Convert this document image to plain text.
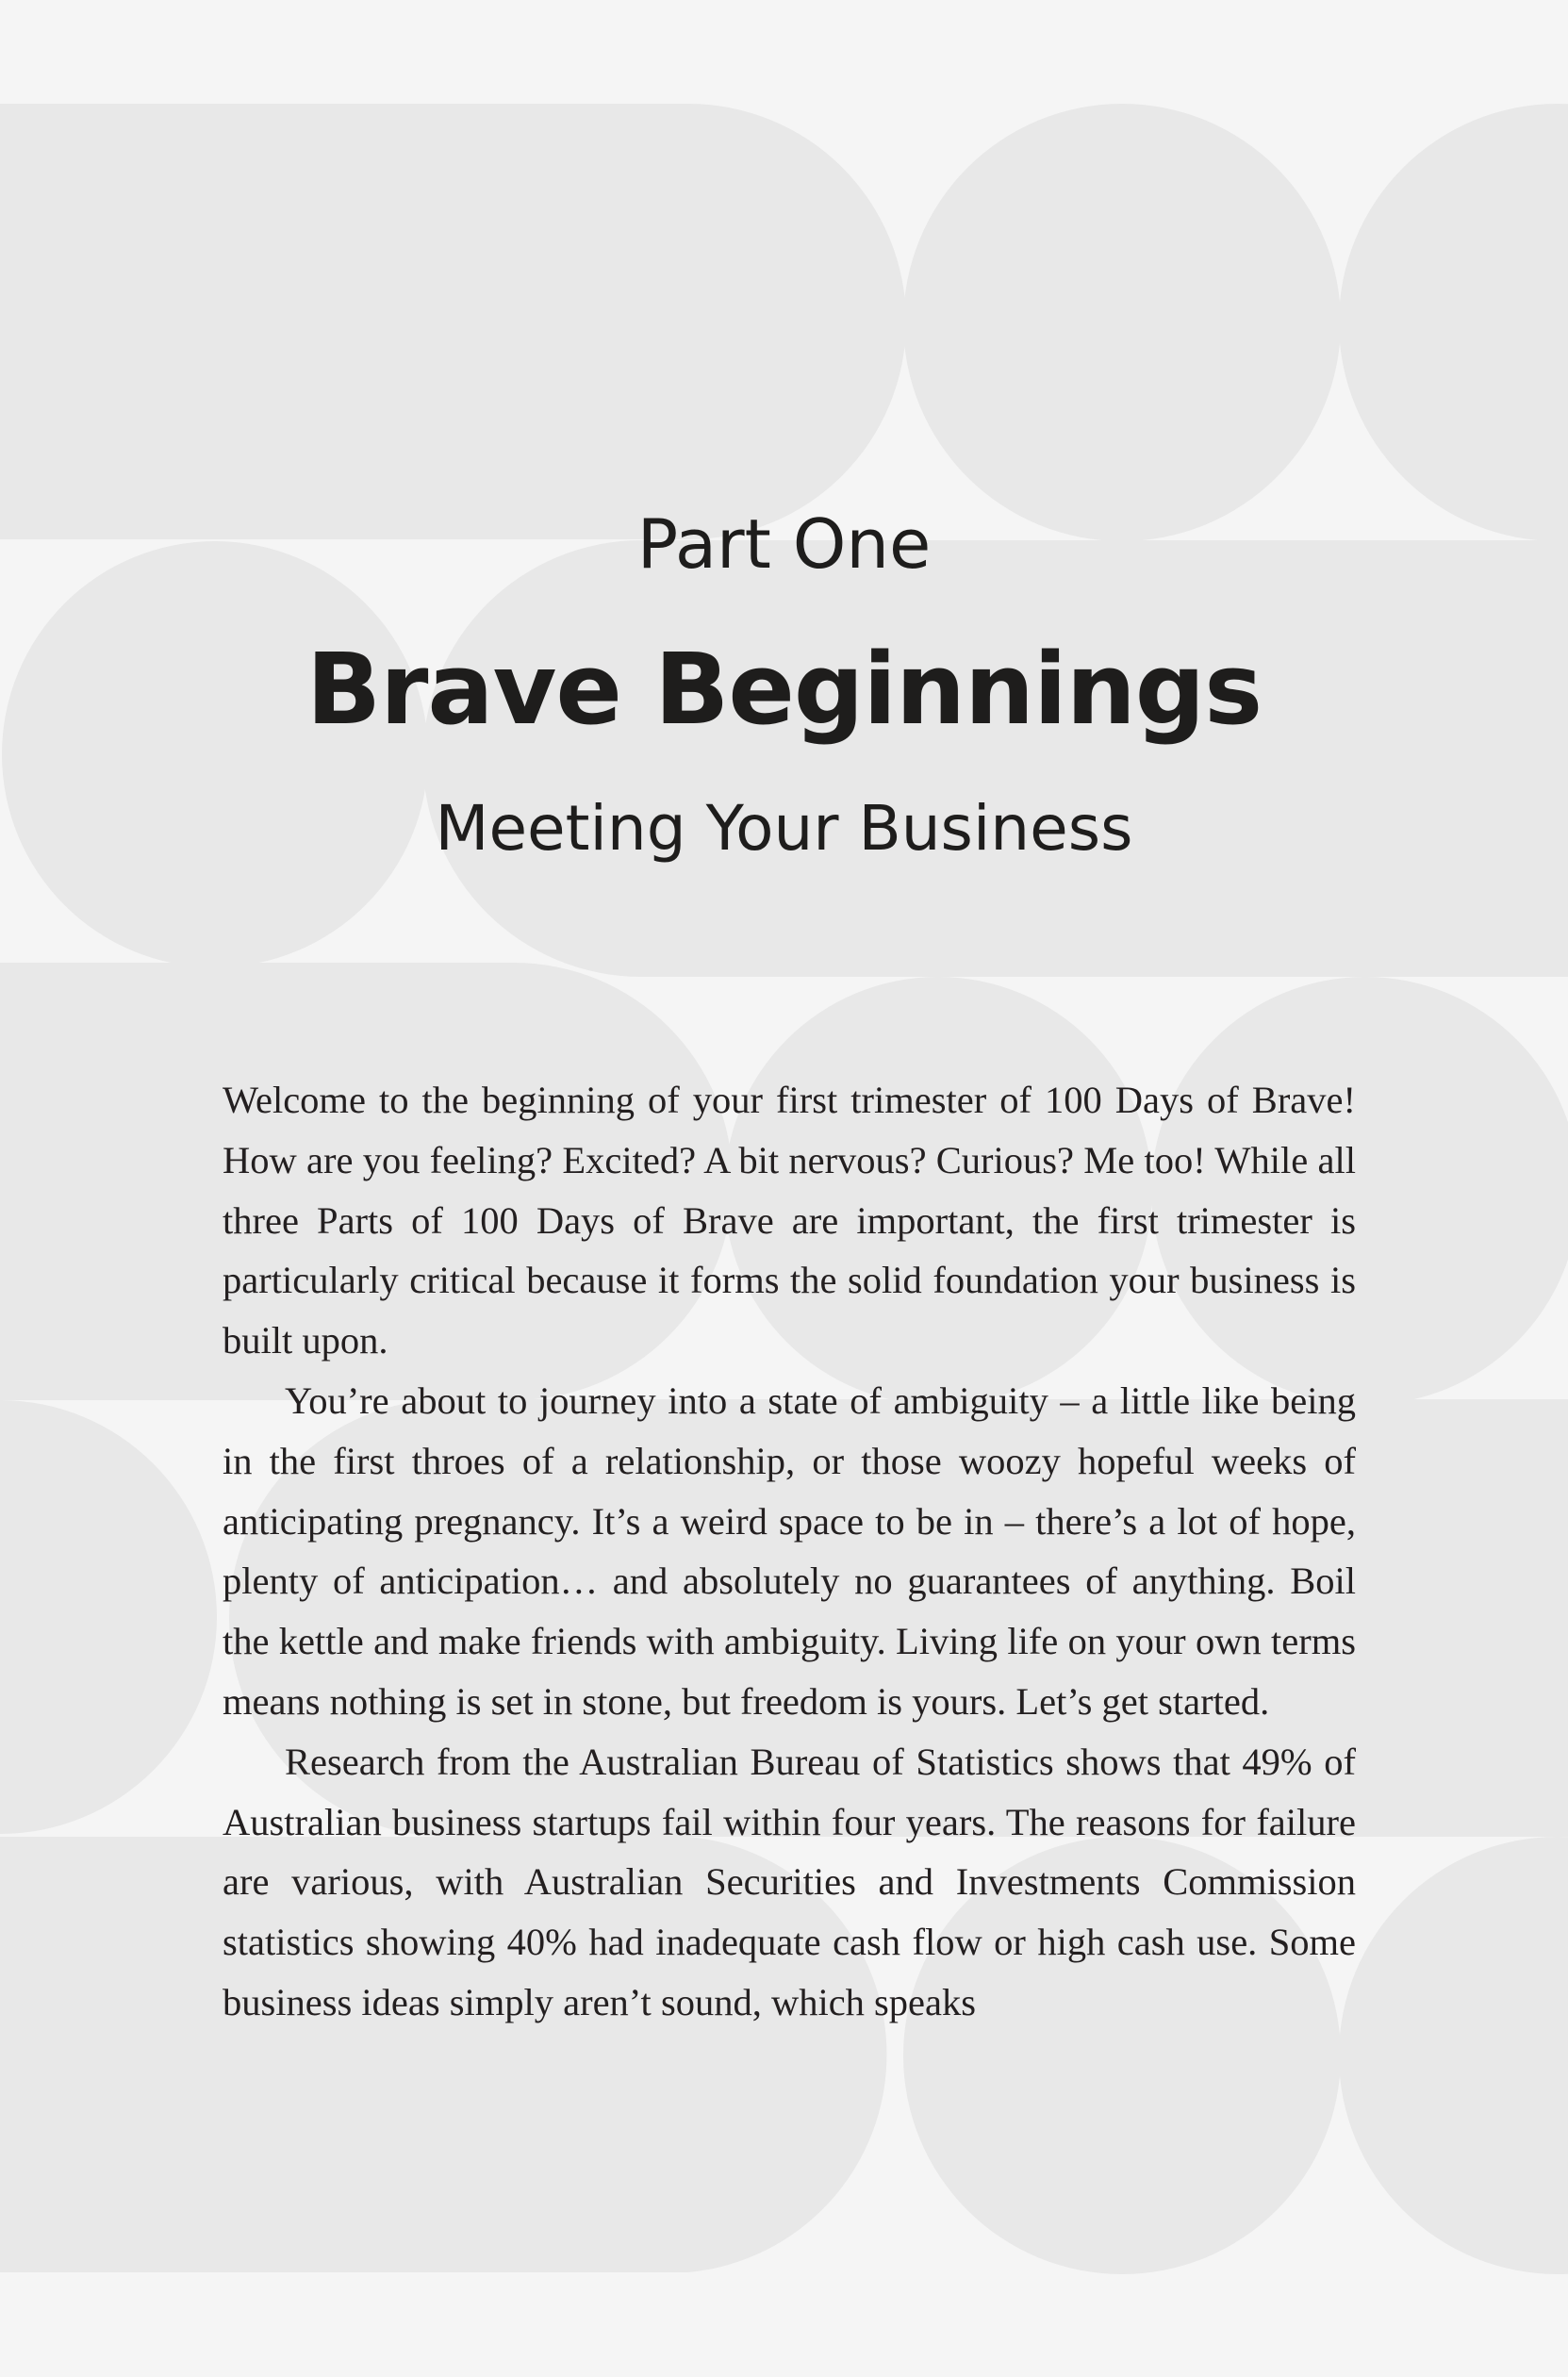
Part One
Brave Beginnings
Meeting Your Business

Welcome to the beginning of your first trimester of 100 Days of Brave! How are you feeling? Excited? A bit nervous? Curious? Me too! While all three Parts of 100 Days of Brave are important, the first trimester is particularly critical because it forms the solid foundation your business is built upon.

You’re about to journey into a state of ambiguity – a little like being in the first throes of a relationship, or those woozy hopeful weeks of anticipating pregnancy. It’s a weird space to be in – there’s a lot of hope, plenty of anticipation… and absolutely no guarantees of anything. Boil the kettle and make friends with ambiguity. Living life on your own terms means nothing is set in stone, but freedom is yours. Let’s get started.

Research from the Australian Bureau of Statistics shows that 49% of Australian business startups fail within four years. The reasons for failure are various, with Australian Securities and Investments Commission statistics showing 40% had inadequate cash flow or high cash use. Some business ideas simply aren’t sound, which speaks
